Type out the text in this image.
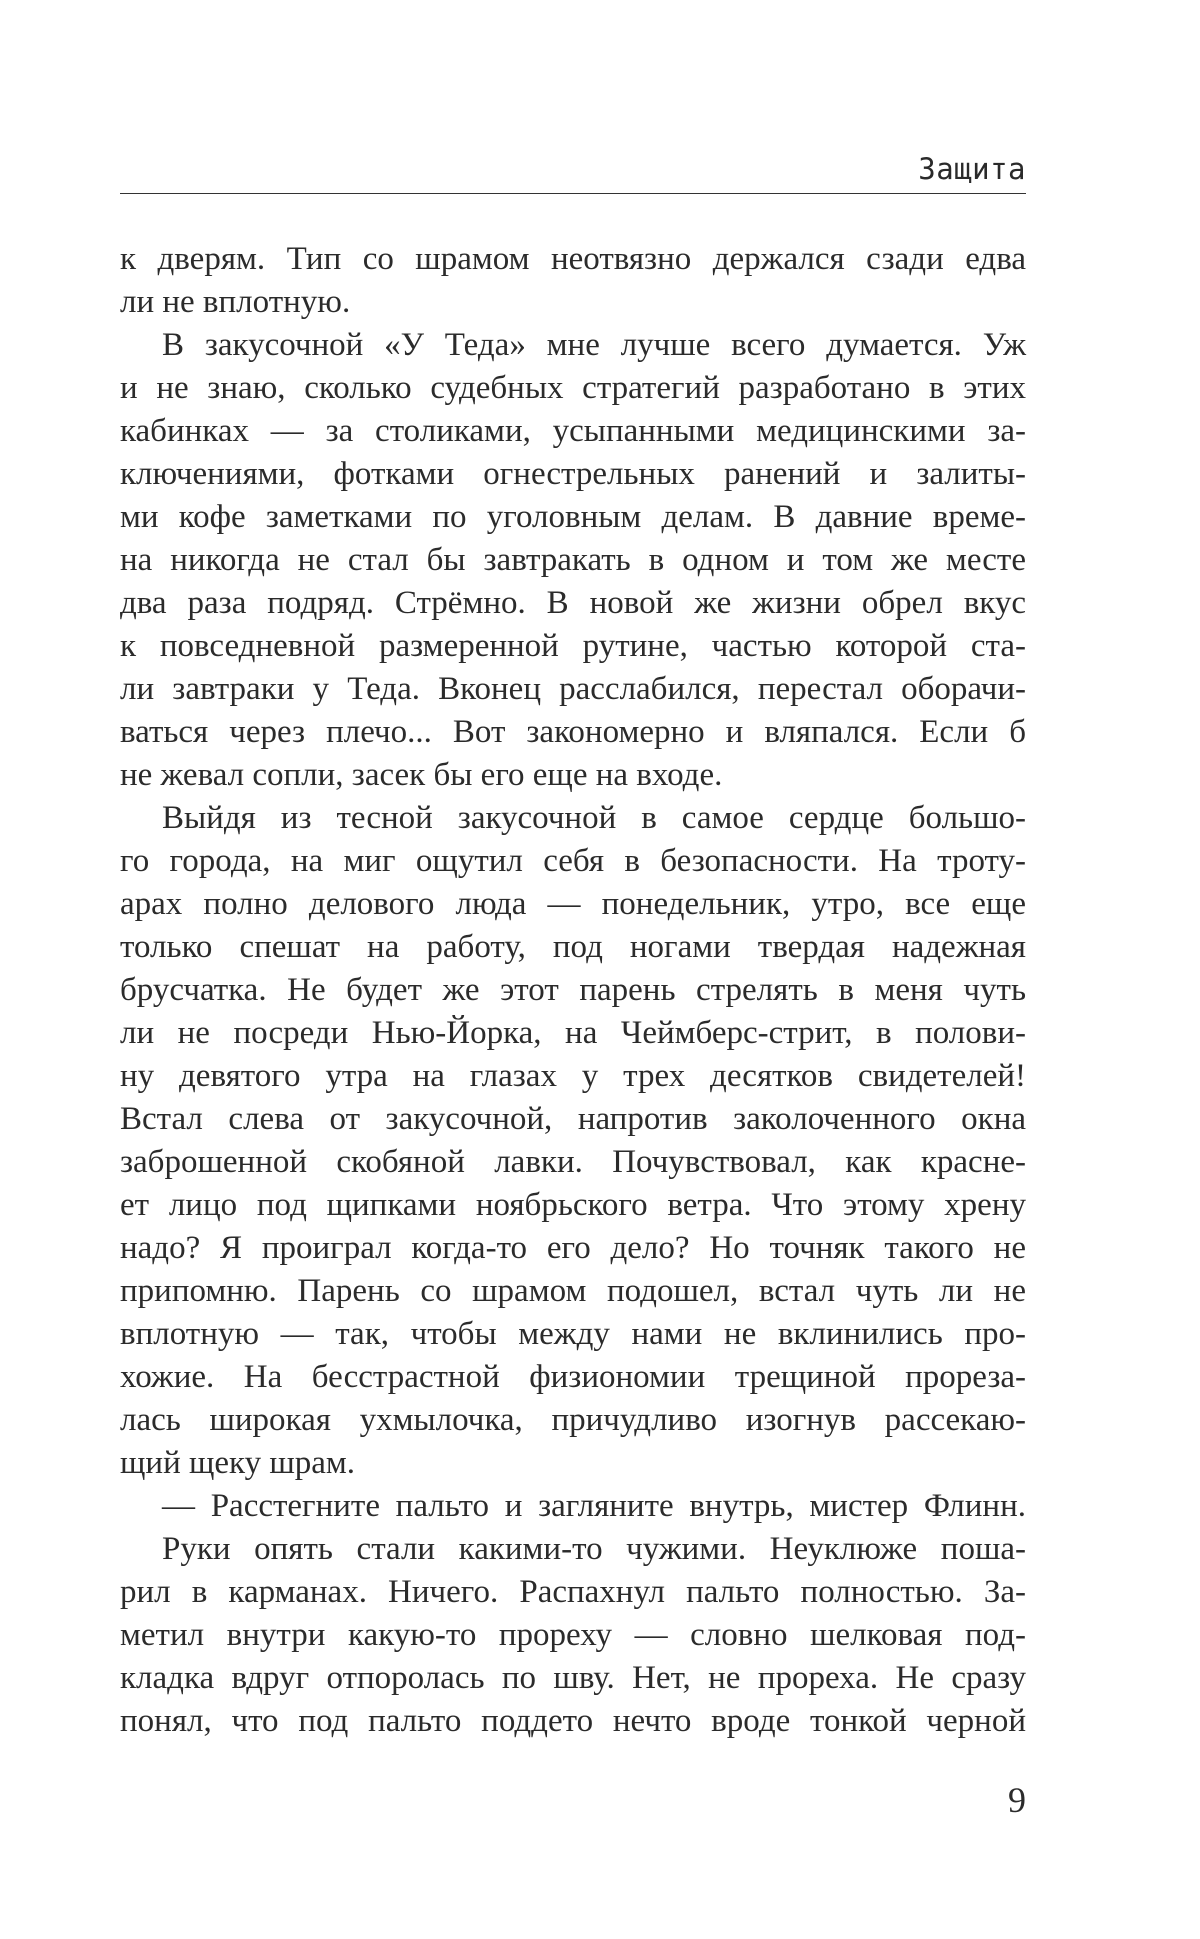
Защита
к дверям. Тип со шрамом неотвязно держался сзади едва
ли не вплотную.
В закусочной «У Теда» мне лучше всего думается. Уж
и не знаю, сколько судебных стратегий разработано в этих
кабинках — за столиками, усыпанными медицинскими за-
ключениями, фотками огнестрельных ранений и залиты-
ми кофе заметками по уголовным делам. В давние време-
на никогда не стал бы завтракать в одном и том же месте
два раза подряд. Стрёмно. В новой же жизни обрел вкус
к повседневной размеренной рутине, частью которой ста-
ли завтраки у Теда. Вконец расслабился, перестал оборачи-
ваться через плечо... Вот закономерно и вляпался. Если б
не жевал сопли, засек бы его еще на входе.
Выйдя из тесной закусочной в самое сердце большо-
го города, на миг ощутил себя в безопасности. На троту-
арах полно делового люда — понедельник, утро, все еще
только спешат на работу, под ногами твердая надежная
брусчатка. Не будет же этот парень стрелять в меня чуть
ли не посреди Нью-Йорка, на Чеймберс-стрит, в полови-
ну девятого утра на глазах у трех десятков свидетелей!
Встал слева от закусочной, напротив заколоченного окна
заброшенной скобяной лавки. Почувствовал, как красне-
ет лицо под щипками ноябрьского ветра. Что этому хрену
надо? Я проиграл когда-то его дело? Но точняк такого не
припомню. Парень со шрамом подошел, встал чуть ли не
вплотную — так, чтобы между нами не вклинились про-
хожие. На бесстрастной физиономии трещиной прореза-
лась широкая ухмылочка, причудливо изогнув рассекаю-
щий щеку шрам.
— Расстегните пальто и загляните внутрь, мистер Флинн.
Руки опять стали какими-то чужими. Неуклюже поша-
рил в карманах. Ничего. Распахнул пальто полностью. За-
метил внутри какую-то прореху — словно шелковая под-
кладка вдруг отпоролась по шву. Нет, не прореха. Не сразу
понял, что под пальто поддето нечто вроде тонкой черной
9
